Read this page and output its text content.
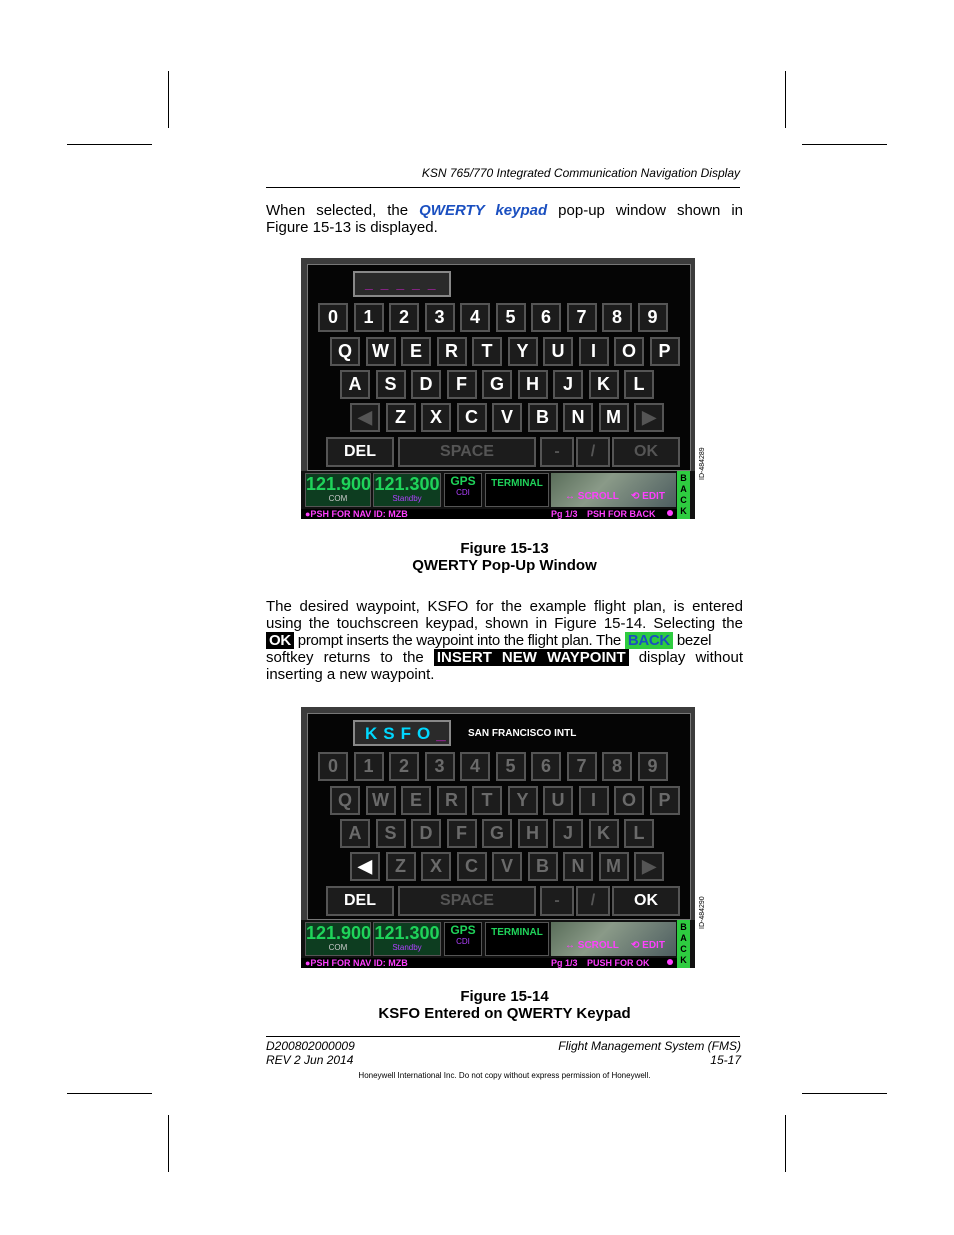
KSN 765/770 Integrated Communication Navigation Display
When selected, the QWERTY keypad pop-up window shown in
Figure 15-13 is displayed.
_ _ _ _ _
0	1	2	3	4	5	6	7	8	9
Q	W	E	R	T	Y	U	I	O	P
A	S	D	F	G	H	J	K	L
◀	Z	X	C	V	B	N	M	▶
DEL	SPACE	-	/	OK
121.900
COM
121.300
Standby
GPS
CDI
TERMINAL
↔ SCROLL ⟲ EDIT
B
A
C
K
●PSH FOR NAV ID: MZB	Pg 1/3 PSH FOR BACK
ID-484289
Figure 15-13
QWERTY Pop-Up Window
The desired waypoint, KSFO for the example flight plan, is entered
using the touchscreen keypad, shown in Figure 15-14. Selecting the
OK prompt inserts the waypoint into the flight plan. The BACK bezel
softkey returns to the INSERT NEW WAYPOINT display without
inserting a new waypoint.
KSFO_ SAN FRANCISCO INTL
0	1	2	3	4	5	6	7	8	9
Q	W	E	R	T	Y	U	I	O	P
A	S	D	F	G	H	J	K	L
◀	Z	X	C	V	B	N	M	▶
DEL	SPACE	-	/	OK
121.900
COM
121.300
Standby
GPS
CDI
TERMINAL
↔ SCROLL ⟲ EDIT
B
A
C
K
●PSH FOR NAV ID: MZB	Pg 1/3 PUSH FOR OK
ID-484290
Figure 15-14
KSFO Entered on QWERTY Keypad
D200802000009
REV 2 Jun 2014
Flight Management System (FMS)
15-17
Honeywell International Inc. Do not copy without express permission of Honeywell.
